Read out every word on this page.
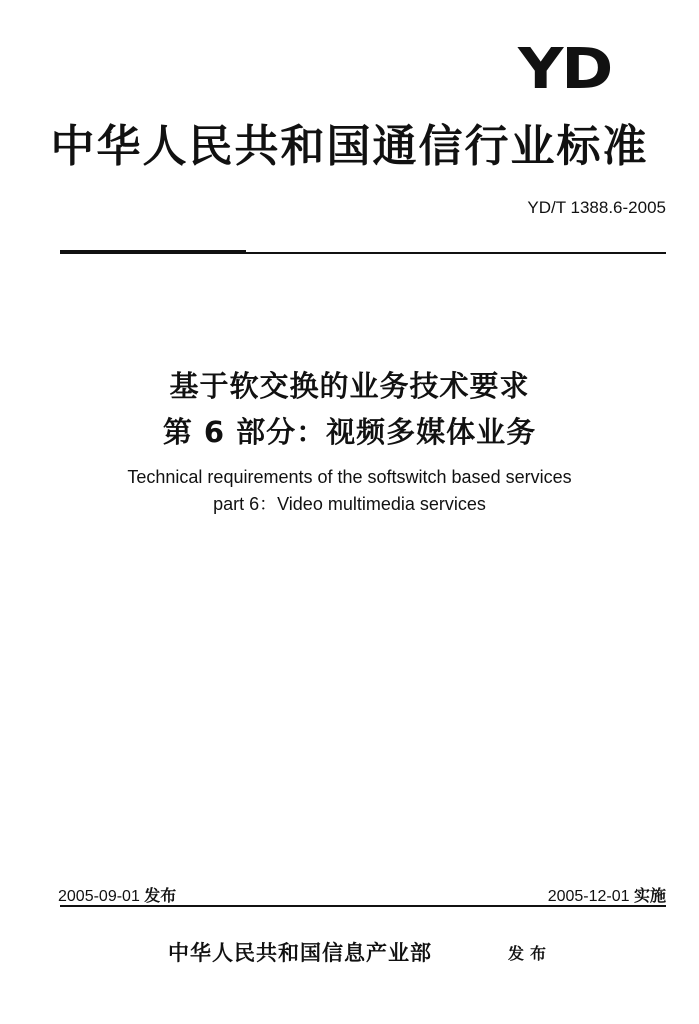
YD
中华人民共和国通信行业标准
YD/T 1388.6-2005
基于软交换的业务技术要求
第 6 部分：视频多媒体业务
Technical requirements of the softswitch based services
part 6：Video multimedia services
2005-09-01 发布	2005-12-01 实施
中华人民共和国信息产业部	发布
